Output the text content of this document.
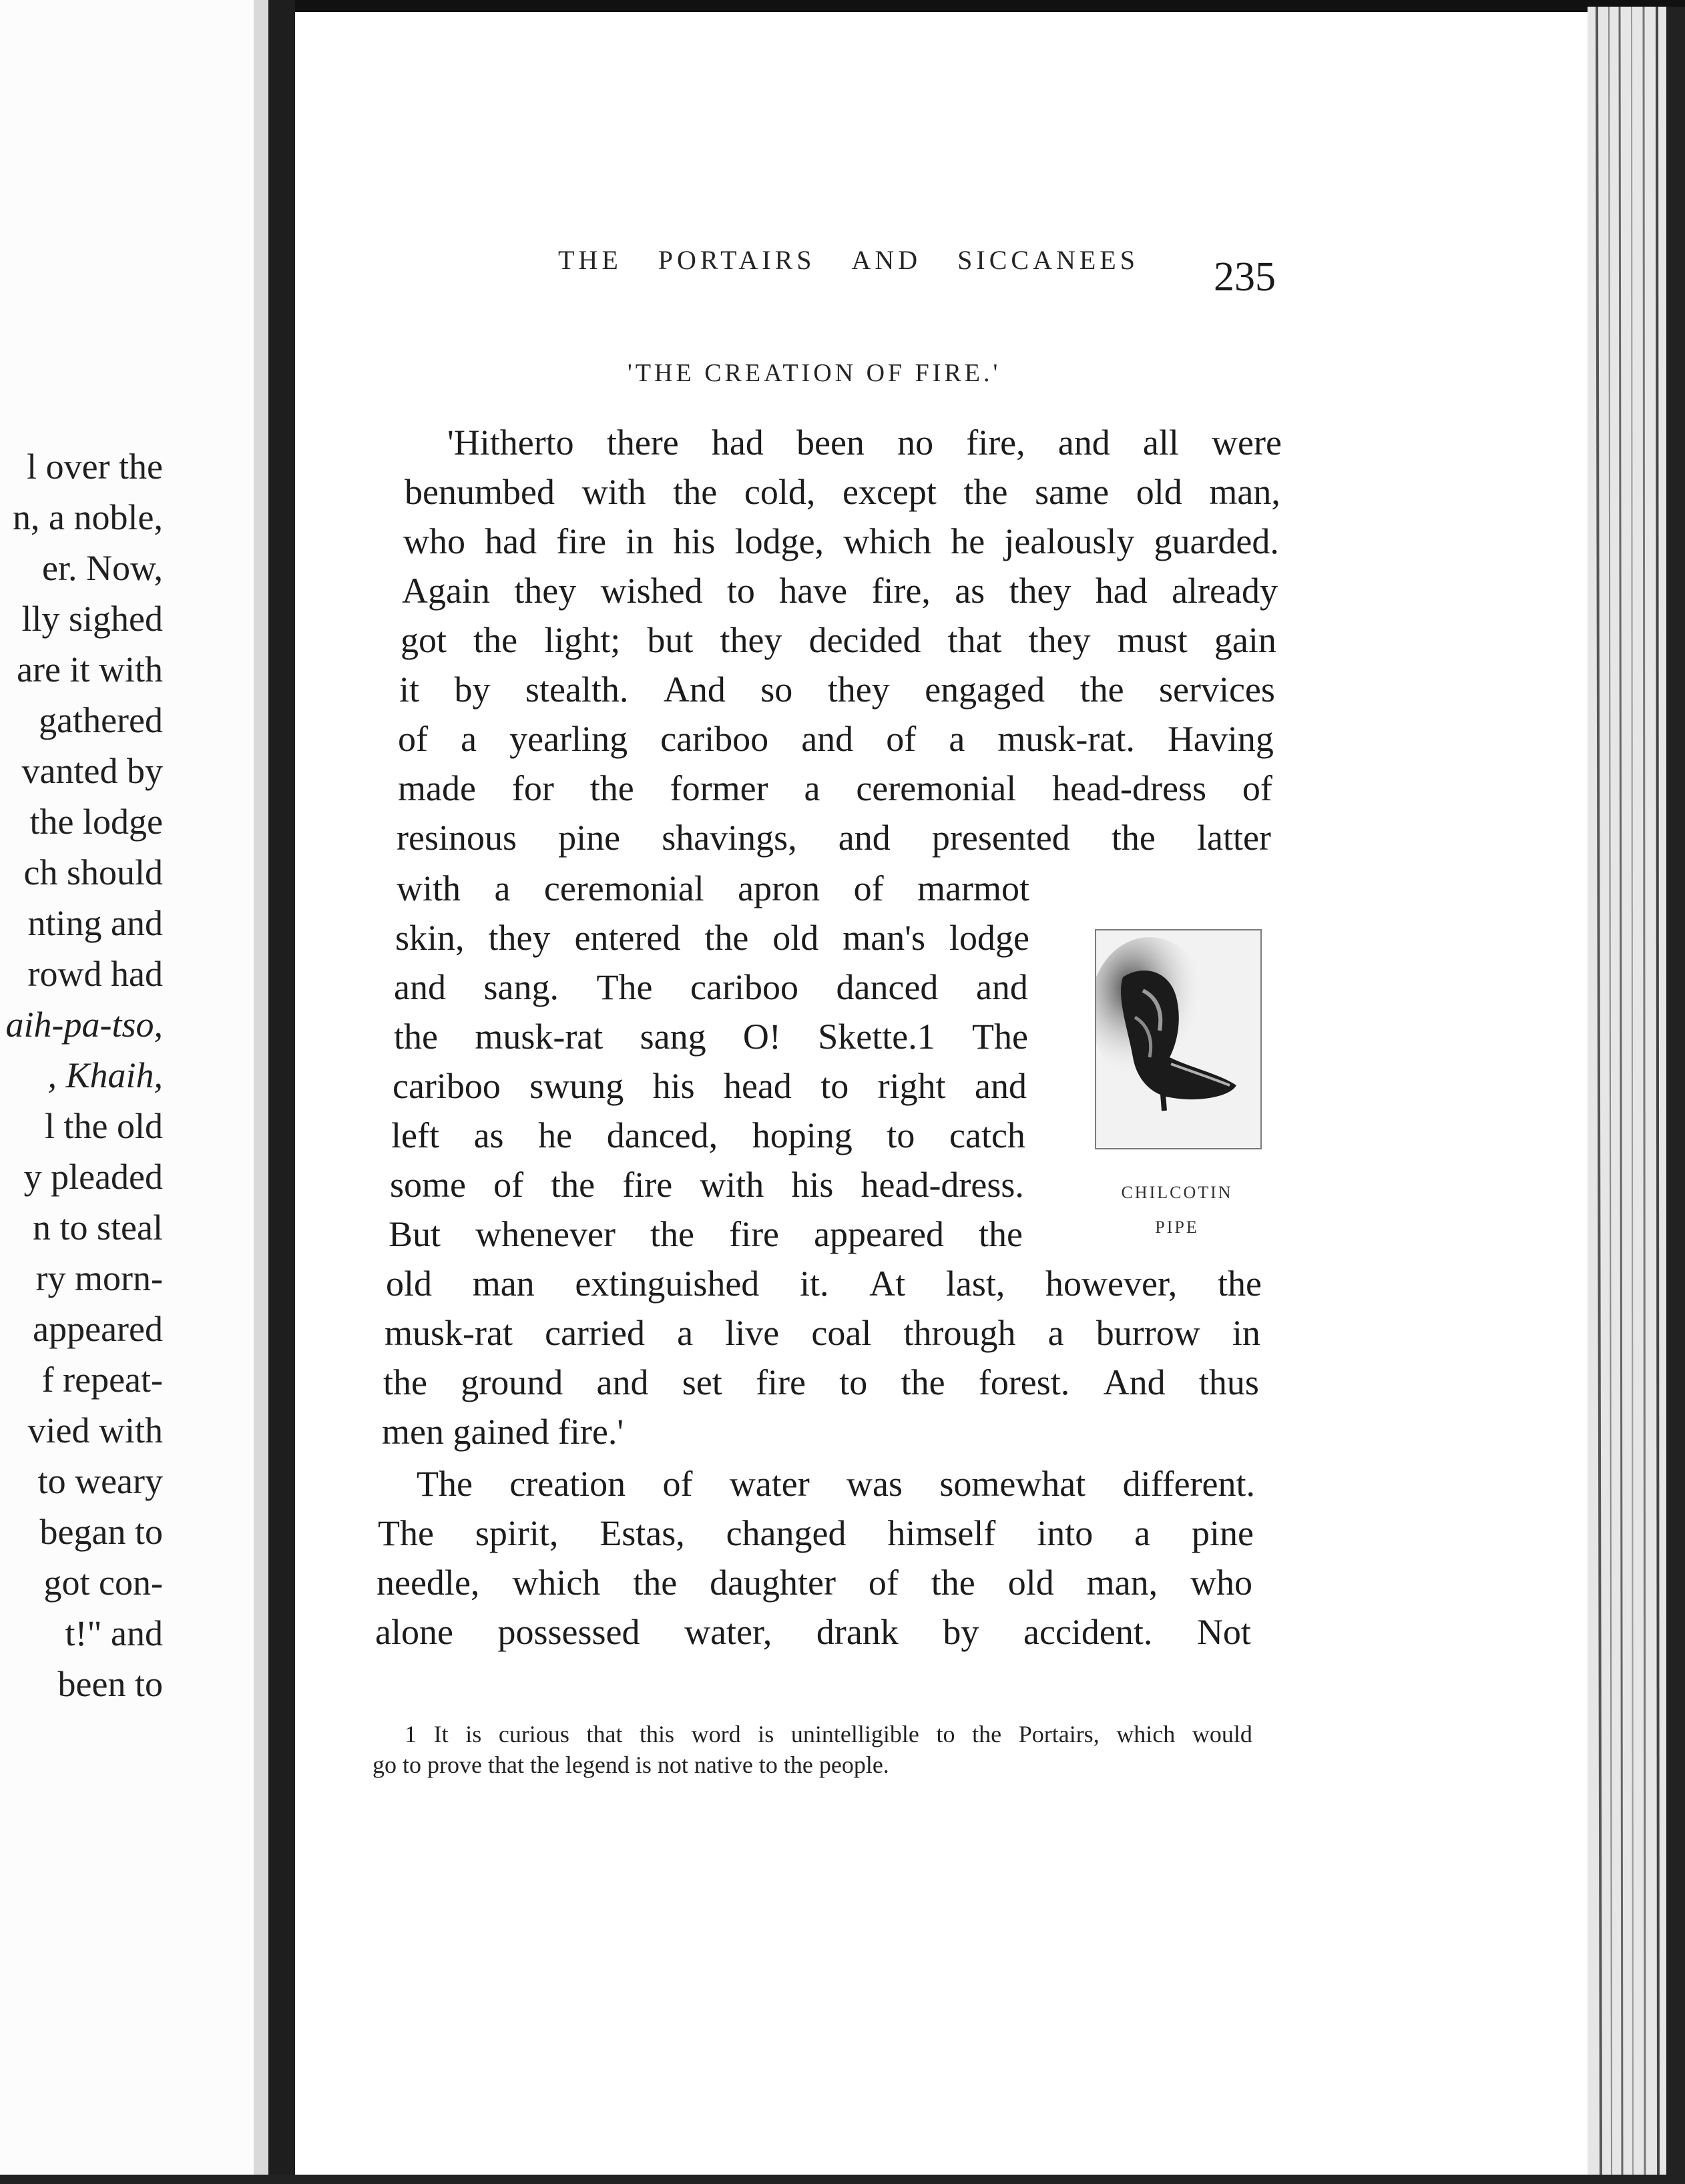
l over the
n, a noble,
er. Now,
lly sighed
are it with
gathered
vanted by
the lodge
ch should
nting and
rowd had
aih-pa-tso,
, Khaih,
l the old
y pleaded
n to steal
ry morn-
appeared
f repeat-
vied with
to weary
began to
got con-
t!" and
been to
THE PORTAIRS AND SICCANEES 235
'THE CREATION OF FIRE.'
'Hitherto there had been no fire, and all were
benumbed with the cold, except the same old man,
who had fire in his lodge, which he jealously guarded.
Again they wished to have fire, as they had already
got the light; but they decided that they must gain
it by stealth. And so they engaged the services
of a yearling cariboo and of a musk-rat. Having
made for the former a ceremonial head-dress of
resinous pine shavings, and presented the latter
with a ceremonial apron of marmot
skin, they entered the old man's lodge
and sang. The cariboo danced and
the musk-rat sang O! Skette.1 The
cariboo swung his head to right and
left as he danced, hoping to catch
some of the fire with his head-dress.
But whenever the fire appeared the
old man extinguished it. At last, however, the
musk-rat carried a live coal through a burrow in
the ground and set fire to the forest. And thus
men gained fire.'
The creation of water was somewhat different.
The spirit, Estas, changed himself into a pine
needle, which the daughter of the old man, who
alone possessed water, drank by accident. Not
CHILCOTIN
PIPE
1 It is curious that this word is unintelligible to the Portairs, which would
go to prove that the legend is not native to the people.
